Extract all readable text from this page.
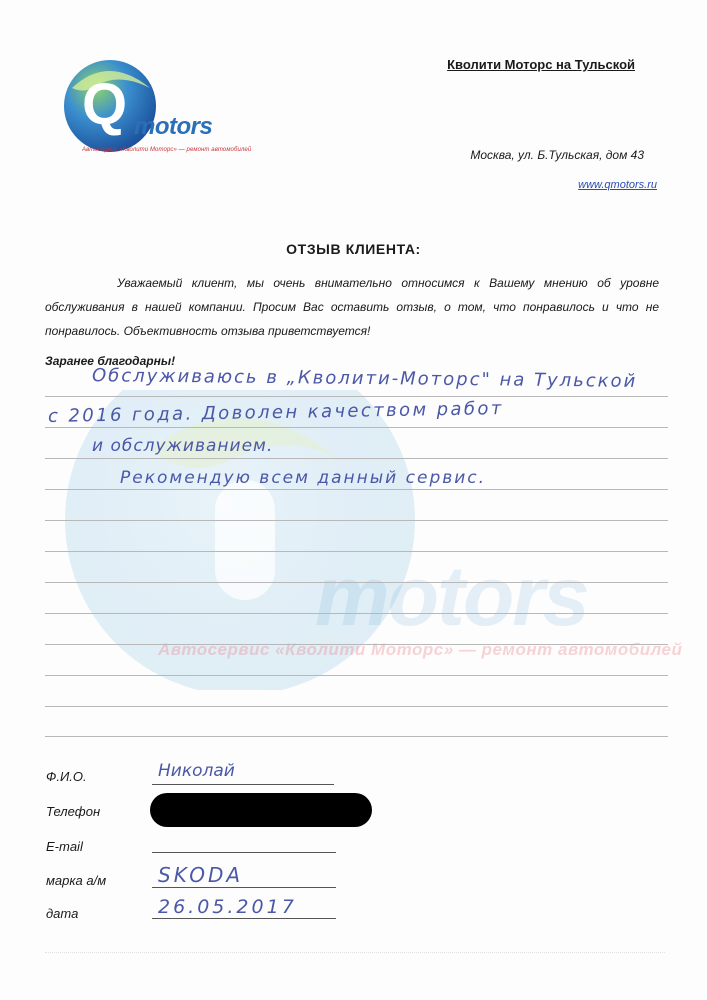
motors
Автосервис «Кволити Моторс» — ремонт автомобилей
Q motors
Автосервис «Кволити Моторс» — ремонт автомобилей
Кволити Моторс на Тульской
Москва, ул. Б.Тульская, дом 43
www.qmotors.ru
ОТЗЫВ КЛИЕНТА:
Уважаемый клиент, мы очень внимательно относимся к Вашему мнению об уровне обслуживания в нашей компании. Просим Вас оставить отзыв, о том, что понравилось и что не понравилось. Объективность отзыва приветствуется!
Заранее благодарны!
Обслуживаюсь в „Кволити-Моторс" на Тульской
с 2016 года. Доволен качеством работ
и обслуживанием.
Рекомендую всем данный сервис.
Ф.И.О.	Николай
Телефон
E-mail
марка а/м	SKODA
дата	26.05.2017
